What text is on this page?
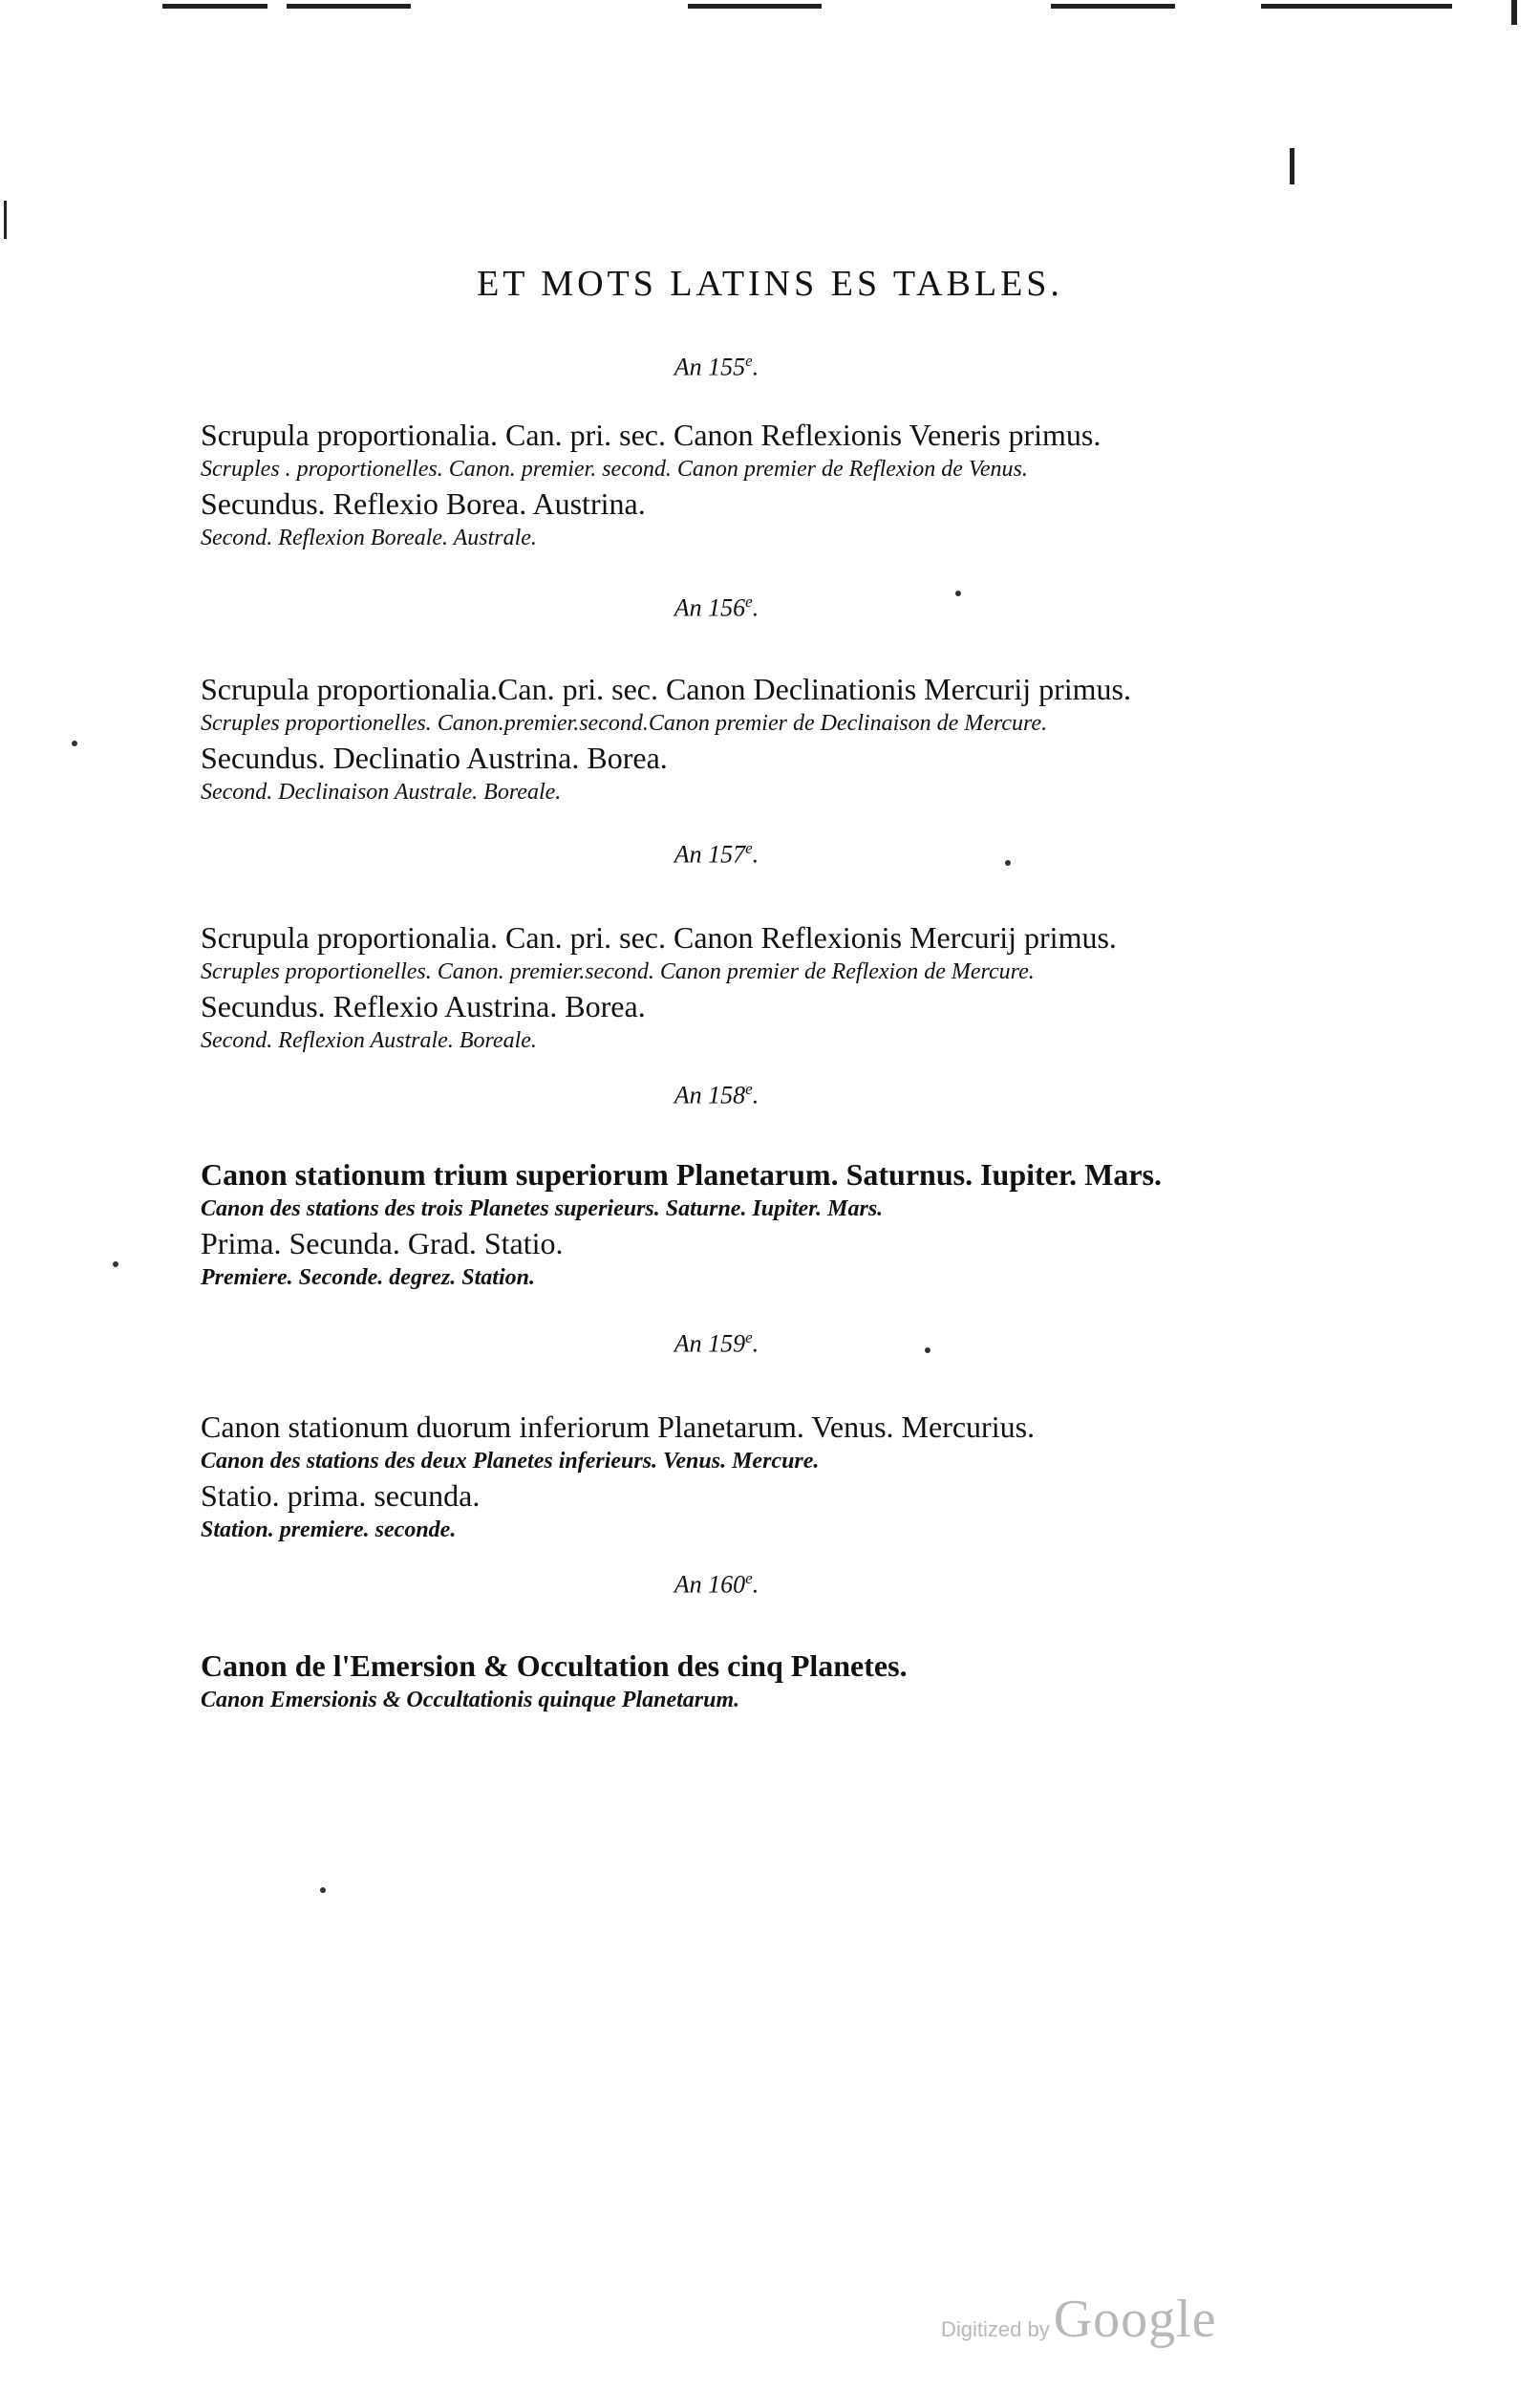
ET MOTS LATINS ES TABLES.
An 155e.
Scrupula proportionalia. Can. pri. sec. Canon Reflexionis Veneris primus.
Scruples . proportionelles. Canon. premier. second. Canon premier de Reflexion de Venus.
Secundus. Reflexio Borea. Austrina.
Second. Reflexion Boreale. Australe.
An 156e.
Scrupula proportionalia.Can. pri. sec. Canon Declinationis Mercurij primus.
Scruples proportionelles. Canon.premier.second.Canon premier de Declinaison de Mercure.
Secundus. Declinatio Austrina. Borea.
Second. Declinaison Australe. Boreale.
An 157e.
Scrupula proportionalia. Can. pri. sec. Canon Reflexionis Mercurij primus.
Scruples proportionelles. Canon. premier.second. Canon premier de Reflexion de Mercure.
Secundus. Reflexio Austrina. Borea.
Second. Reflexion Australe. Boreale.
An 158e.
Canon stationum trium superiorum Planetarum. Saturnus. Iupiter. Mars.
Canon des stations des trois Planetes superieurs. Saturne. Iupiter. Mars.
Prima. Secunda. Grad. Statio.
Premiere. Seconde. degrez. Station.
An 159e.
Canon stationum duorum inferiorum Planetarum. Venus. Mercurius.
Canon des stations des deux Planetes inferieurs. Venus. Mercure.
Statio. prima. secunda.
Station. premiere. seconde.
An 160e.
Canon de l'Emersion & Occultation des cinq Planetes.
Canon Emersionis & Occultationis quinque Planetarum.
Digitized by Google
